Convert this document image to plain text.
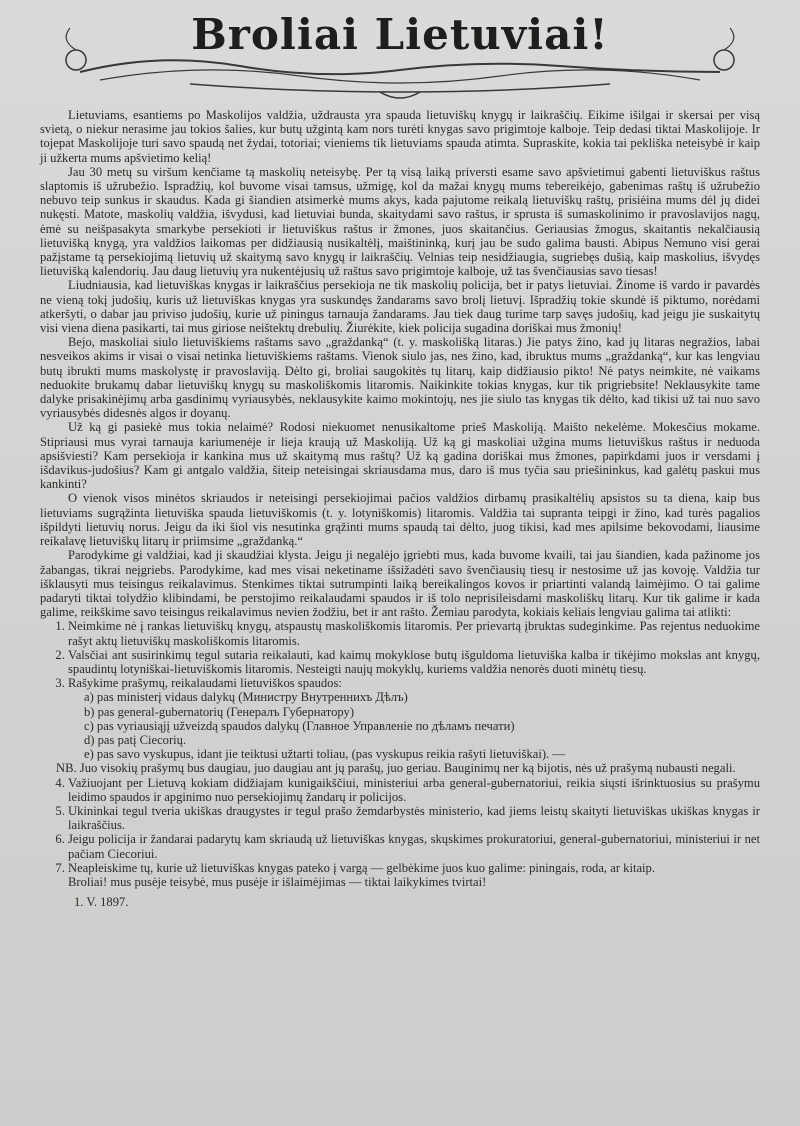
Broliai Lietuviai!

Lietuviams, esantiems po Maskolijos valdžia, uždraustа yra spauda lietuviškų knygų ir laikraščių. Eikime išilgai ir skersai per visą svietą, o niekur nerasime jau tokios šalies, kur butų užgintą kam nors turėti knygas savo prigimtoje kalboje. Teip dedasi tiktai Maskolijoje. Ir tojepat Maskolijoje turi savo spaudą net žydai, totoriai; vieniems tik lietuviams spauda atimta. Supraskite, kokia tai pekliška neteisybė ir kaip ji užkerta mums apšvietimo kelią!

Jau 30 metų su viršum kenčiame tą maskolių neteisybę. Per tą visą laiką priversti esame savo apšvietimui gabenti lietuviškus raštus slaptomis iš užrubežio. Ispradžių, kol buvome visai tamsus, užmigę, kol da mažai knygų mums tebereikėjo, gabenimas raštų iš užrubežio nebuvo teip sunkus ir skaudus. Kada gi šiandien atsimerkė mums akys, kada pajutome reikalą lietuviškų raštų, prisiėina mums dėl jų didei nukęsti. Matote, maskolių valdžia, išvydusi, kad lietuviai bunda, skaitydami savo raštus, ir sprusta iš sumaskolinimo ir pravoslavijos nagų, ėmė su neišpasakyta smarkybe persekioti ir lietuviškus raštus ir žmones, juos skaitančius. Geriausias žmogus, skaitantis nekalčiausią lietuvišką knygą, yra valdžios laikomas per didžiausią nusikaltėlį, maištininką, kurį jau be sudo galima bausti. Abipus Nemuno visi gerai pažįstame tą persekiojimą lietuvių už skaitymą savo knygų ir laikraščių. Velnias teip nesidžiaugia, sugriebęs dušią, kaip maskolius, išvydęs lietuvišką kalendorių. Jau daug lietuvių yra nukentėjusių už raštus savo prigimtoje kalboje, už tas švenčiausias savo tiesas!

Liudniausia, kad lietuviškas knygas ir laikraščius persekioja ne tik maskolių policija, bet ir patys lietuviai. Žinome iš vardo ir pavardės ne vieną tokį judošių, kuris už lietuviškas knygas yra suskundęs žandarams savo brolį lietuvį. Išpradžių tokie skundė iš piktumo, norėdami atkeršyti, o dabar jau priviso judošių, kurie už piningus tarnauja žandarams. Jau tiek daug turime tarp savęs judošių, kad jeigu jie suskaitytų visi viena diena pasikarti, tai mus giriose neištektų drebulių. Žiurėkite, kiek policija sugadina doriškai mus žmonių!

Bejo, maskoliai siulo lietuviškiems raštams savo „graždanką“ (t. y. maskolišką litaras.) Jie patys žino, kad jų litaras negražios, labai nesveikos akims ir visai o visai netinka lietuviškiems raštams. Vienok siulo jas, nes žino, kad, ibruktus mums „graždanką“, kur kas lengviau butų ibrukti mums maskolystę ir pravoslaviją. Dėlto gi, broliai saugokitės tų litarų, kaip didžiausio pikto! Nė patys neimkite, nė vaikams neduokite brukamų dabar lietuviškų knygų su maskoliškomis litaromis. Naikinkite tokias knygas, kur tik prigriebsite! Neklausykite tame dalyke prisakinėjimų arba gasdinimų vyriausybės, neklausykite kaimo mokintojų, nes jie siulo tas knygas tik dėlto, kad tikisi už tai nuo savo vyriausybės didesnės algos ir doyanų.

Už ką gi pasiekė mus tokia nelaimė? Rodosi niekuomet nenusikaltome prieš Maskoliją. Maišto nekelėme. Mokesčius mokame. Stipriausi mus vyrai tarnauja kariumenėje ir lieja kraują už Maskoliją. Už ką gi maskoliai užgina mums lietuviškus raštus ir neduoda apsišviesti? Kam persekioja ir kankina mus už skaitymą mus raštų? Už ką gadina doriškai mus žmones, papirkdami juos ir versdami į išdavikus-judošius? Kam gi antgalo valdžia, šiteip neteisingai skriausdama mus, daro iš mus tyčia sau priešininkus, kad galėtų paskui mus kankinti?

O vienok visos minėtos skriaudos ir neteisingi persekiojimai pačios valdžios dirbamų prasikaltėlių apsistos su ta diena, kaip bus lietuviams sugrąžinta lietuviška spauda lietuviškomis (t. y. lotyniškomis) litaromis. Valdžia tai supranta teipgi ir žino, kad turės pagalios išpildyti lietuvių norus. Jeigu da iki šiol vis nesutinka grąžinti mums spaudą tai dėlto, juog tikisi, kad mes apilsime bekovodami, liausime reikalavę lietuviškų litarų ir priimsime „graždanką.“

Parodykime gi valdžiai, kad ji skaudžiai klysta. Jeigu ji negalėjo įgriebti mus, kada buvome kvaili, tai jau šiandien, kada pažinome jos žabangas, tikrai neįgriebs. Parodykime, kad mes visai neketiname išsižadėti savo švenčiausių tiesų ir nestosime už jas kovoję. Valdžia tur išklausyti mus teisingus reikalavimus. Stenkimes tiktai sutrumpinti laiką bereikalingos kovos ir priartinti valandą laimėjimo. O tai galime padaryti tiktai tolydžio klibindami, be perstojimo reikalaudami spaudos ir iš tolo neprisileisdami maskoliškų litarų. Kur tik galime ir kada galime, reikškime savo teisingus reikalavimus nevien žodžiu, bet ir ant rašto. Žemiau parodyta, kokiais keliais lengviau galima tai atlikti:

1. Neimkime nė į rankas lietuviškų knygų, atspaustų maskoliškomis litaromis. Per prievartą įbruktas sudeginkime. Pas rejentus neduokime rašyt aktų lietuviškų maskoliškomis litaromis.
2. Valsčiai ant susirinkimų tegul sutaria reikalauti, kad kaimų mokyklose butų išguldoma lietuviška kalba ir tikėjimo mokslas ant knygų, spaudintų lotyniškai-lietuviškomis litaromis. Nesteigti naujų mokyklų, kuriems valdžia nenorės duoti minėtų tiesų.
3. Rašykime prašymų, reikalaudami lietuviškos spaudos:
a) pas ministerį vidaus dalykų (Министру Внутреннихъ Дѣлъ)
b) pas general-gubernatorių (Генералъ Губернатору)
c) pas vyriausiąjį užveizdą spaudos dalykų (Главное Управленіе по дѣламъ печати)
d) pas patį Ciecorių.
e) pas savo vyskupus, idant jie teiktusi užtarti toliau, (pas vyskupus reikia rašyti lietuviškai). —
NB. Juo visokių prašymų bus daugiau, juo daugiau ant jų parašų, juo geriau. Bauginimų ner ką bijotis, nės už prašymą nubausti negali.
4. Važiuojant per Lietuvą kokiam didžiajam kunigaikščiui, ministeriui arba general-gubernatoriui, reikia siųsti išrinktuosius su prašymu leidimo spaudos ir apginimo nuo persekiojimų žandarų ir policijos.
5. Ukininkai tegul tveria ukiškas draugystes ir tegul prašo žemdarbystės ministerio, kad jiems leistų skaityti lietuviškas ukiškas knygas ir laikraščius.
6. Jeigu policija ir žandarai padarytų kam skriaudą už lietuviškas knygas, skųskimes prokuratoriui, general-gubernatoriui, ministeriui ir net pačiam Ciecoriui.
7. Neapleiskime tų, kurie už lietuviškas knygas pateko į vargą — gelbėkime juos kuo galime: piningais, roda, ar kitaip.

Broliai! mus pusėje teisybė, mus pusėje ir išlaimėjimas — tiktai laikykimes tvirtai!

1. V. 1897.
